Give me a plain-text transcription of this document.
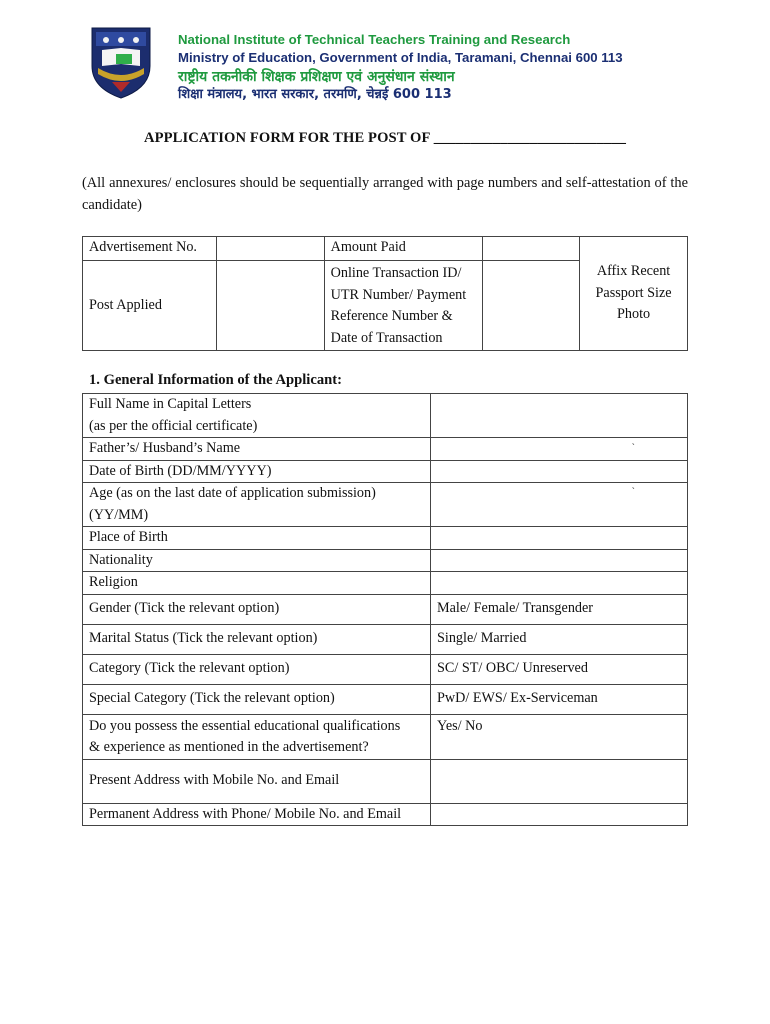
National Institute of Technical Teachers Training and Research
Ministry of Education, Government of India, Taramani, Chennai 600 113
राष्ट्रीय तकनीकी शिक्षक प्रशिक्षण एवं अनुसंधान संस्थान
शिक्षा मंत्रालय, भारत सरकार, तरमणि, चेन्नई 600 113
APPLICATION FORM FOR THE POST OF __________________________
(All annexures/ enclosures should be sequentially arranged with page numbers and self-attestation of the candidate)
Advertisement No.		Amount Paid		Affix Recent
Passport Size
Photo

Post Applied		Online Transaction ID/
UTR Number/ Payment
Reference Number &
Date of Transaction		

1. General Information of the Applicant:
Full Name in Capital Letters
(as per the official certificate)	

Father’s/ Husband’s Name	`
Date of Birth (DD/MM/YYYY)	

Age (as on the last date of application submission)
(YY/MM)	`
Place of Birth	
Nationality	
Religion	
Gender (Tick the relevant option)	Male/ Female/ Transgender
Marital Status (Tick the relevant option)	Single/ Married
Category (Tick the relevant option)	SC/ ST/ OBC/ Unreserved
Special Category (Tick the relevant option)	PwD/ EWS/ Ex-Serviceman

Do you possess the essential educational qualifications
& experience as mentioned in the advertisement?	Yes/ No
Present Address with Mobile No. and Email	
Permanent Address with Phone/ Mobile No. and Email	
